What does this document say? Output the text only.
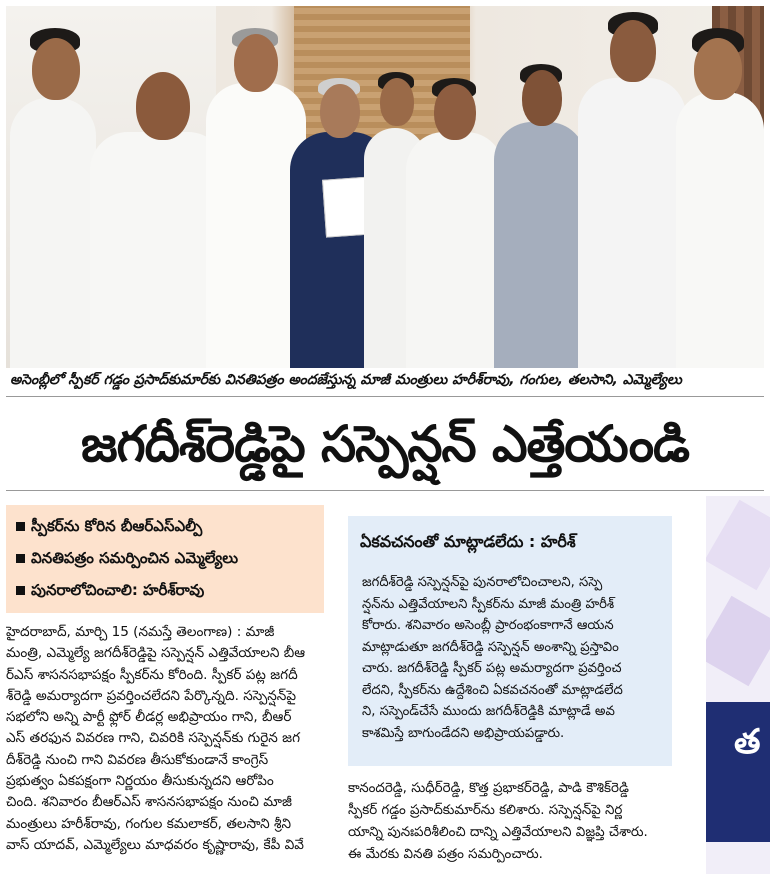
అసెంబ్లీలో స్పీకర్‌ గడ్డం ప్రసాద్‌కుమార్‌కు వినతిపత్రం అందజేస్తున్న మాజీ మంత్రులు హరీశ్‌రావు, గంగుల, తలసాని, ఎమ్మెల్యేలు
జగదీశ్‌రెడ్డిపై సస్పెన్షన్‌ ఎత్తేయండి
స్పీకర్‌ను కోరిన బీఆర్‌ఎస్‌ఎల్పీ
వినతిపత్రం సమర్పించిన ఎమ్మెల్యేలు
పునరాలోచించాలి: హరీశ్‌రావు
హైదరాబాద్‌, మార్చి 15 (నమస్తే తెలంగాణ) : మాజీ
మంత్రి, ఎమ్మెల్యే జగదీశ్‌రెడ్డిపై సస్పెన్షన్‌ ఎత్తివేయాలని బీఆ
ర్‌ఎస్‌ శాసనసభాపక్షం స్పీకర్‌ను కోరింది. స్పీకర్‌ పట్ల జగదీ
శ్‌రెడ్డి అమర్యాదగా ప్రవర్తించలేదని పేర్కొన్నది. సస్పెన్షన్‌పై
సభలోని అన్ని పార్టీ ఫ్లోర్‌ లీడర్ల అభిప్రాయం గాని, బీఆర్‌
ఎస్‌ తరఫున వివరణ గాని, చివరికి సస్పెన్షన్‌కు గురైన జగ
దీశ్‌రెడ్డి నుంచి గాని వివరణ తీసుకోకుండానే కాంగ్రెస్‌
ప్రభుత్వం ఏకపక్షంగా నిర్ణయం తీసుకున్నదని ఆరోపిం
చింది. శనివారం బీఆర్‌ఎస్‌ శాసనసభాపక్షం నుంచి మాజీ
మంత్రులు హరీశ్‌రావు, గంగుల కమలాకర్‌, తలసాని శ్రీని
వాస్‌ యాదవ్‌, ఎమ్మెల్యేలు మాధవరం కృష్ణారావు, కేపీ వివే
ఏకవచనంతో మాట్లాడలేదు : హరీశ్‌
జగదీశ్‌రెడ్డి సస్పెన్షన్‌పై పునరాలోచించాలని, సస్పె
న్షన్‌ను ఎత్తివేయాలని స్పీకర్‌ను మాజీ మంత్రి హరీశ్‌
కోరారు. శనివారం అసెంబ్లీ ప్రారంభంకాగానే ఆయన
మాట్లాడుతూ జగదీశ్‌రెడ్డి సస్పెన్షన్‌ అంశాన్ని ప్రస్తావిం
చారు. జగదీశ్‌రెడ్డి స్పీకర్‌ పట్ల అమర్యాదగా ప్రవర్తించ
లేదని, స్పీకర్‌ను ఉద్దేశించి ఏకవచనంతో మాట్లాడలేద
ని, సస్పెండ్‌చేసే ముందు జగదీశ్‌రెడ్డికి మాట్లాడే అవ
కాశమిస్తే బాగుండేదని అభిప్రాయపడ్డారు.
కానందరెడ్డి, సుధీర్‌రెడ్డి, కొత్త ప్రభాకర్‌రెడ్డి, పాడి కౌశిక్‌రెడ్డి
స్పీకర్‌ గడ్డం ప్రసాద్‌కుమార్‌ను కలిశారు. సస్పెన్షన్‌పై నిర్ణ
యాన్ని పునఃపరిశీలించి దాన్ని ఎత్తివేయాలని విజ్ఞప్తి చేశారు.
ఈ మేరకు వినతి పత్రం సమర్పించారు.
త
